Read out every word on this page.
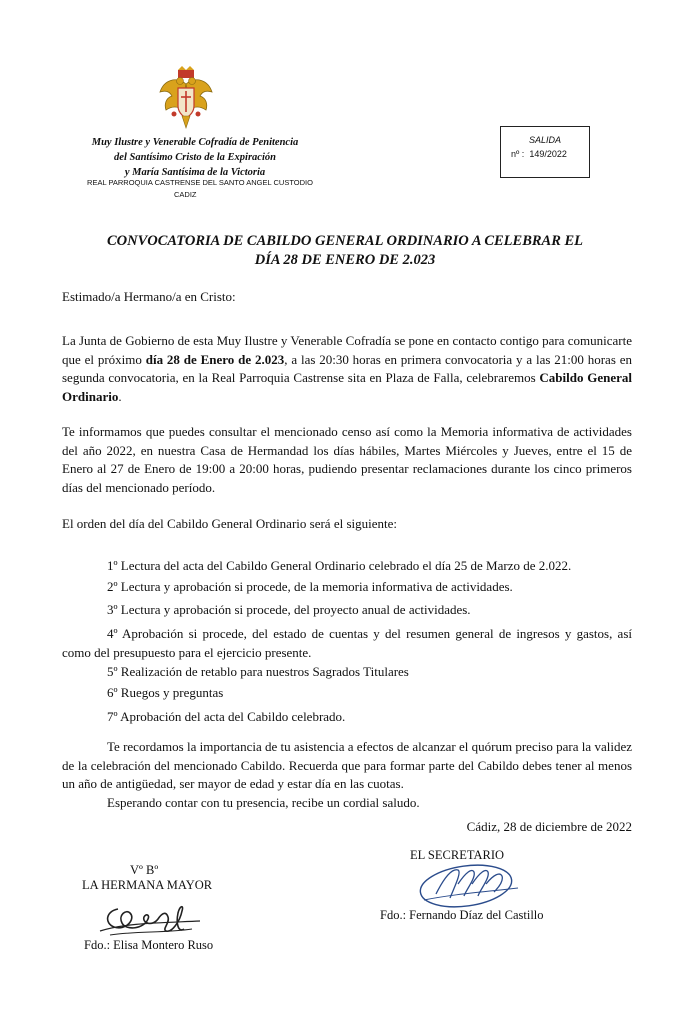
Muy Ilustre y Venerable Cofradía de Penitencia
del Santísimo Cristo de la Expiración
y María Santísima de la Victoria
REAL PARROQUIA CASTRENSE DEL SANTO ANGEL CUSTODIO
CADIZ
SALIDA
nº : 149/2022
CONVOCATORIA DE CABILDO GENERAL ORDINARIO A CELEBRAR EL
DÍA 28 DE ENERO DE 2.023
Estimado/a Hermano/a en Cristo:
La Junta de Gobierno de esta Muy Ilustre y Venerable Cofradía se pone en contacto contigo para comunicarte que el próximo día 28 de Enero de 2.023, a las 20:30 horas en primera convocatoria y a las 21:00 horas en segunda convocatoria, en la Real Parroquia Castrense sita en Plaza de Falla, celebraremos Cabildo General Ordinario.
Te informamos que puedes consultar el mencionado censo así como la Memoria informativa de actividades del año 2022, en nuestra Casa de Hermandad los días hábiles, Martes Miércoles y Jueves, entre el 15 de Enero al 27 de Enero de 19:00 a 20:00 horas, pudiendo presentar reclamaciones durante los cinco primeros días del mencionado período.
El orden del día del Cabildo General Ordinario será el siguiente:
1º Lectura del acta del Cabildo General Ordinario celebrado el día 25 de Marzo de 2.022.
2º Lectura y aprobación si procede, de la memoria informativa de actividades.
3º Lectura y aprobación si procede, del proyecto anual de actividades.
4º Aprobación si procede, del estado de cuentas y del resumen general de ingresos y gastos, así como del presupuesto para el ejercicio presente.
5º Realización de retablo para nuestros Sagrados Titulares
6º Ruegos y preguntas
7º Aprobación del acta del Cabildo celebrado.
Te recordamos la importancia de tu asistencia a efectos de alcanzar el quórum preciso para la validez de la celebración del mencionado Cabildo. Recuerda que para formar parte del Cabildo debes tener al menos un año de antigüedad, ser mayor de edad y estar día en las cuotas.
Esperando contar con tu presencia, recibe un cordial saludo.
Cádiz, 28 de diciembre de 2022
Vº Bº
LA HERMANA MAYOR
Fdo.: Elisa Montero Ruso
EL SECRETARIO
Fdo.: Fernando Díaz del Castillo
